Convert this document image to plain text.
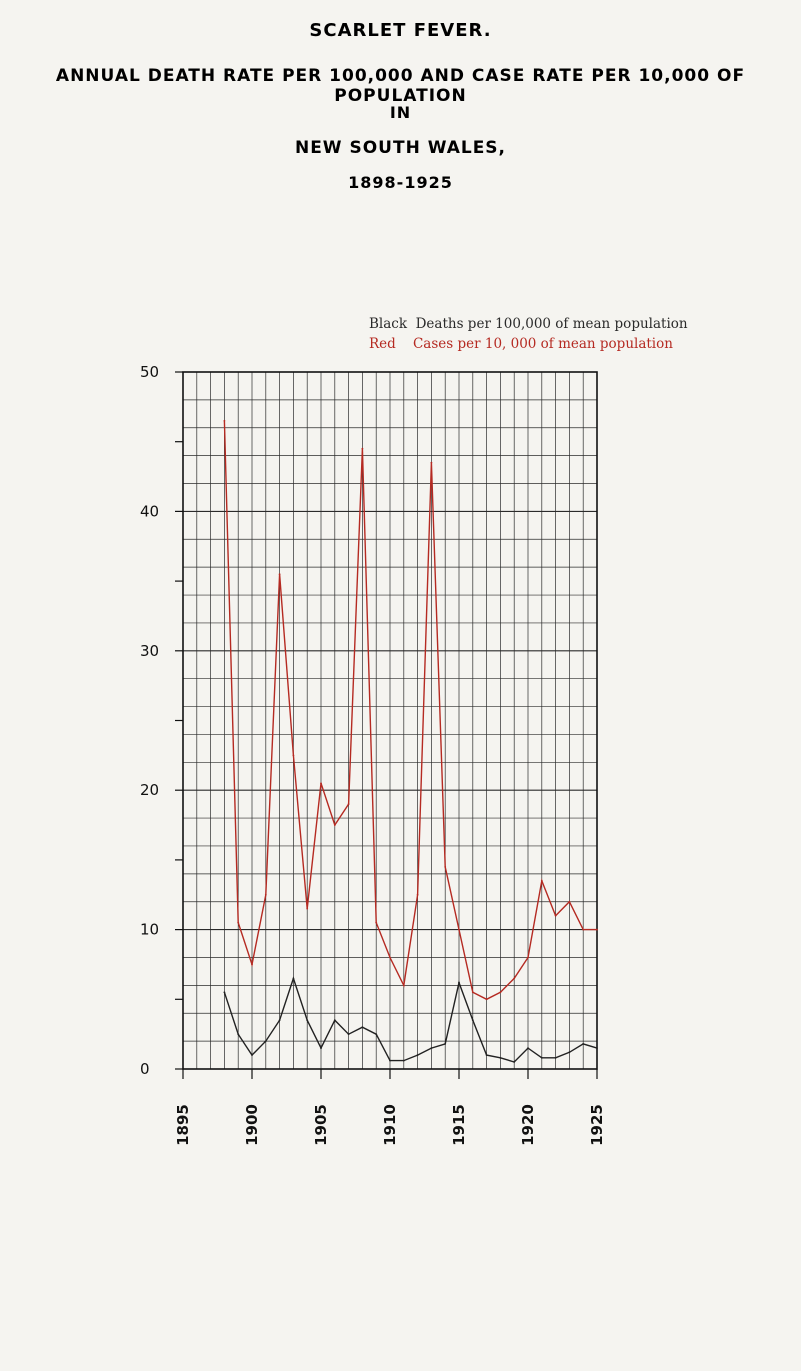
SCARLET FEVER.
ANNUAL DEATH RATE PER 100,000 AND CASE RATE PER 10,000 OF POPULATION
IN
NEW SOUTH WALES,
1898-1925
Black  Deaths per 100,000 of mean population
Red    Cases per 10, 000 of mean population
0
10
20
30
40
50
1895	1900	1905	1910	1915	1920	1925
